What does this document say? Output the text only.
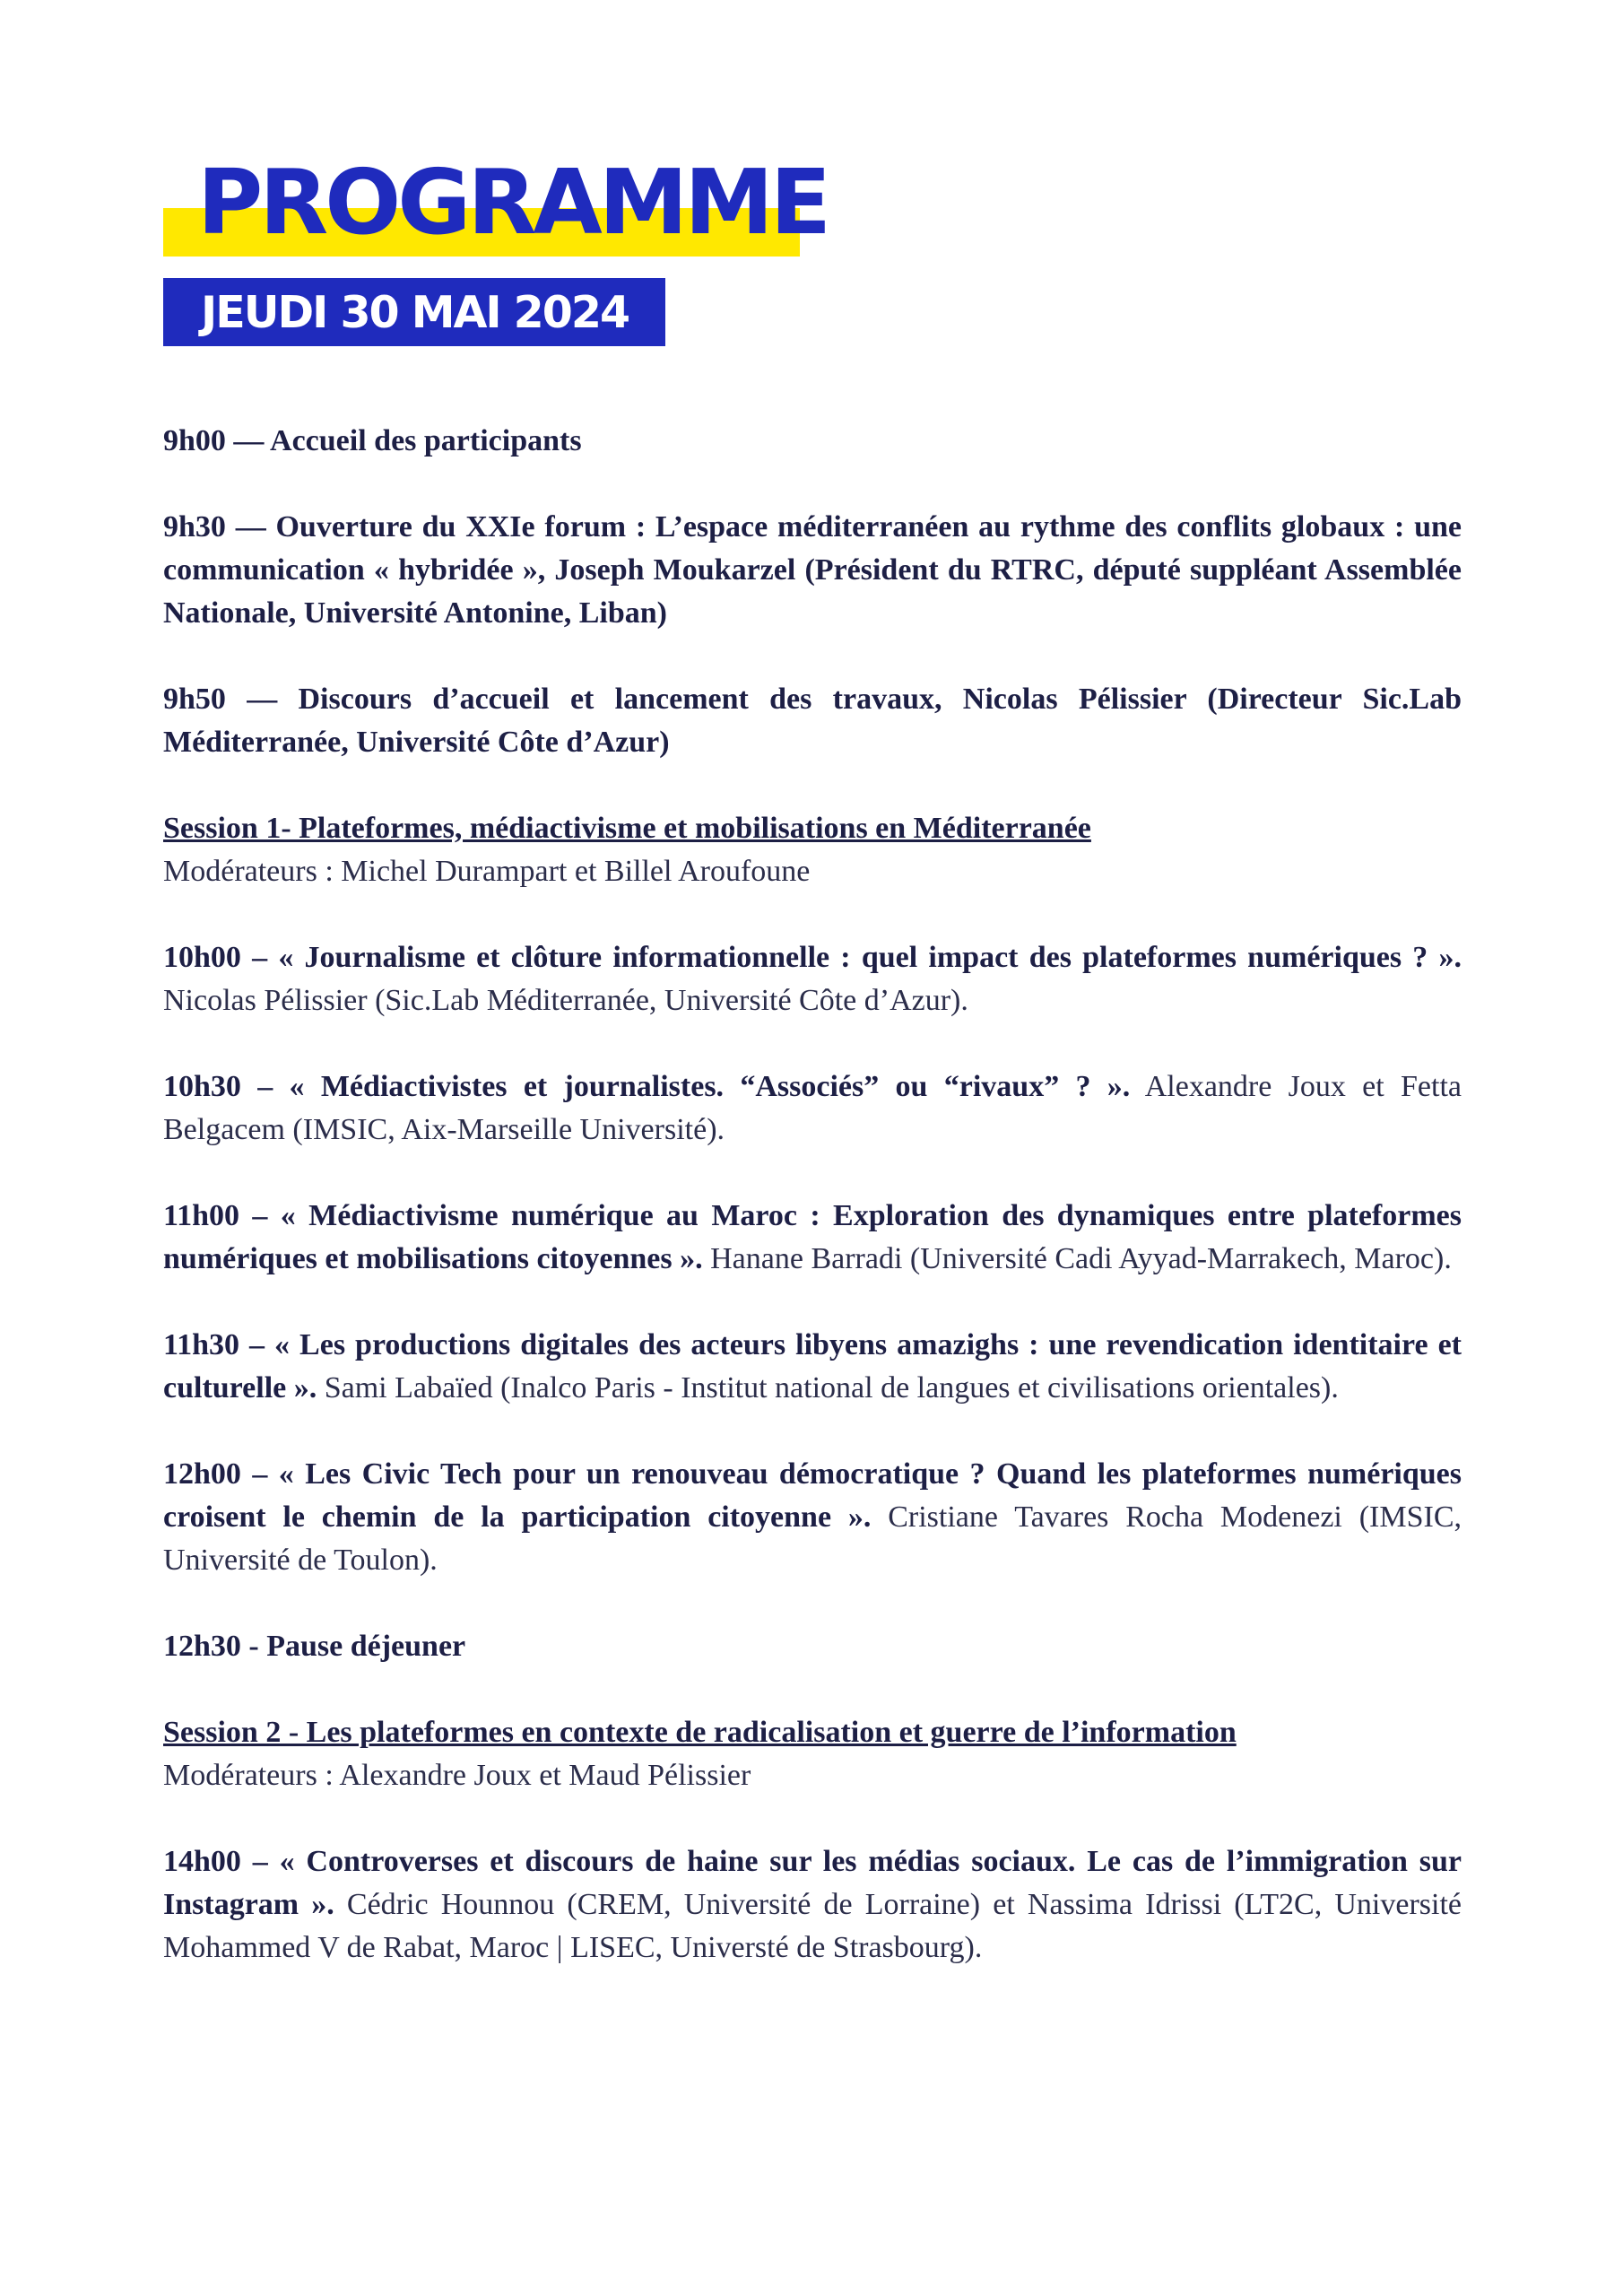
PROGRAMME
JEUDI 30 MAI 2024

9h00 — Accueil des participants

9h30 — Ouverture du XXIe forum : L’espace méditerranéen au rythme des conflits globaux : une communication « hybridée », Joseph Moukarzel (Président du RTRC, député suppléant Assemblée Nationale, Université Antonine, Liban)

9h50 — Discours d’accueil et lancement des travaux, Nicolas Pélissier (Directeur Sic.Lab Méditerranée, Université Côte d’Azur)

Session 1- Plateformes, médiactivisme et mobilisations en Méditerranée
Modérateurs : Michel Durampart et Billel Aroufoune

10h00 – « Journalisme et clôture informationnelle : quel impact des plateformes numériques ? ». Nicolas Pélissier (Sic.Lab Méditerranée, Université Côte d’Azur).

10h30 – « Médiactivistes et journalistes. “Associés” ou “rivaux” ? ». Alexandre Joux et Fetta Belgacem (IMSIC, Aix-Marseille Université).

11h00 – « Médiactivisme numérique au Maroc : Exploration des dynamiques entre plateformes numériques et mobilisations citoyennes ». Hanane Barradi (Université Cadi Ayyad-Marrakech, Maroc).

11h30 – « Les productions digitales des acteurs libyens amazighs : une revendication identitaire et culturelle ». Sami Labaïed (Inalco Paris - Institut national de langues et civilisations orientales).

12h00 – « Les Civic Tech pour un renouveau démocratique ? Quand les plateformes numériques croisent le chemin de la participation citoyenne ». Cristiane Tavares Rocha Modenezi (IMSIC, Université de Toulon).

12h30 - Pause déjeuner

Session 2 - Les plateformes en contexte de radicalisation et guerre de l’information
Modérateurs : Alexandre Joux et Maud Pélissier

14h00 – « Controverses et discours de haine sur les médias sociaux. Le cas de l’immigration sur Instagram ». Cédric Hounnou (CREM, Université de Lorraine) et Nassima Idrissi (LT2C, Université Mohammed V de Rabat, Maroc | LISEC, Universté de Strasbourg).
